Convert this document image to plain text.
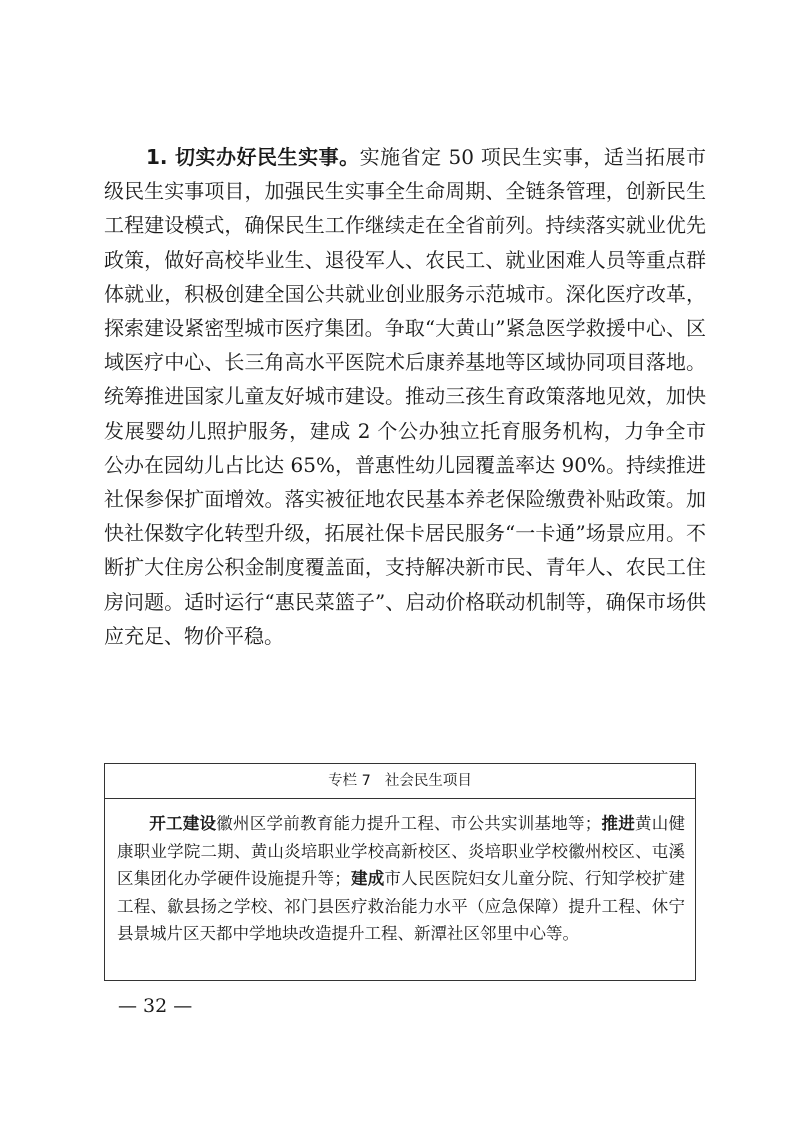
1. 切实办好民生实事。实施省定 50 项民生实事，适当拓展市级民生实事项目，加强民生实事全生命周期、全链条管理，创新民生工程建设模式，确保民生工作继续走在全省前列。持续落实就业优先政策，做好高校毕业生、退役军人、农民工、就业困难人员等重点群体就业，积极创建全国公共就业创业服务示范城市。深化医疗改革，探索建设紧密型城市医疗集团。争取“大黄山”紧急医学救援中心、区域医疗中心、长三角高水平医院术后康养基地等区域协同项目落地。统筹推进国家儿童友好城市建设。推动三孩生育政策落地见效，加快发展婴幼儿照护服务，建成 2 个公办独立托育服务机构，力争全市公办在园幼儿占比达 65%，普惠性幼儿园覆盖率达 90%。持续推进社保参保扩面增效。落实被征地农民基本养老保险缴费补贴政策。加快社保数字化转型升级，拓展社保卡居民服务“一卡通”场景应用。不断扩大住房公积金制度覆盖面，支持解决新市民、青年人、农民工住房问题。适时运行“惠民菜篮子”、启动价格联动机制等，确保市场供应充足、物价平稳。

专栏 7 社会民生项目

开工建设徽州区学前教育能力提升工程、市公共实训基地等；推进黄山健康职业学院二期、黄山炎培职业学校高新校区、炎培职业学校徽州校区、屯溪区集团化办学硬件设施提升等；建成市人民医院妇女儿童分院、行知学校扩建工程、歙县扬之学校、祁门县医疗救治能力水平（应急保障）提升工程、休宁县景城片区天都中学地块改造提升工程、新潭社区邻里中心等。

— 32 —
